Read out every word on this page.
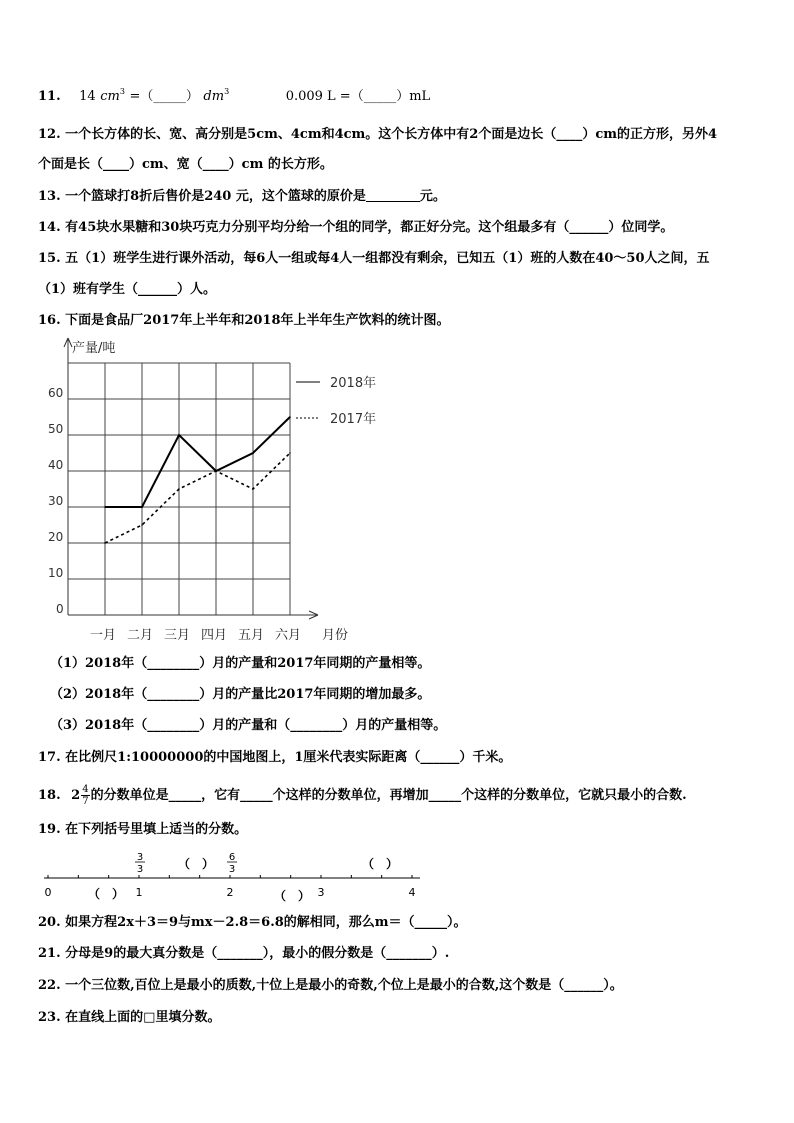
11. 14 $cm^3$ =（_____） $dm^3$	0.009 L =（_____）mL
12. 一个长方体的长、宽、高分别是5cm、4cm和4cm。这个长方体中有2个面是边长（____）cm的正方形，另外4
个面是长（____）cm、宽（____）cm 的长方形。
13. 一个篮球打8折后售价是240 元，这个篮球的原价是	元。
14. 有45块水果糖和30块巧克力分别平均分给一个组的同学，都正好分完。这个组最多有（______）位同学。
15. 五（1）班学生进行课外活动，每6人一组或每4人一组都没有剩余，已知五（1）班的人数在40～50人之间，五
（1）班有学生（______）人。
16. 下面是食品厂2017年上半年和2018年上半年生产饮料的统计图。
0
10
20
30
40
50
60
一月 二月 三月 四月 五月 六月
2018年
2017年
产量/吨
月份
（1）2018年（________）月的产量和2017年同期的产量相等。
（2）2018年（________）月的产量比2017年同期的增加最多。
（3）2018年（________）月的产量和（________）月的产量相等。
17. 在比例尺1:10000000的中国地图上，1厘米代表实际距离（______）千米。
18. $2 \frac{4}{7}$ 的分数单位是_____，它有_____个这样的分数单位，再增加_____个这样的分数单位，它就只最小的合数.
19. 在下列括号里填上适当的分数。
0	1	2	3	4
3
3
6
3
（　）	（　）
（　）	（　）
20. 如果方程2x＋3＝9与mx－2.8＝6.8的解相同，那么m＝（_____）。
21. 分母是9的最大真分数是（_______），最小的假分数是（_______）.
22. 一个三位数,百位上是最小的质数,十位上是最小的奇数,个位上是最小的合数,这个数是（______）。
23. 在直线上面的□里填分数。
